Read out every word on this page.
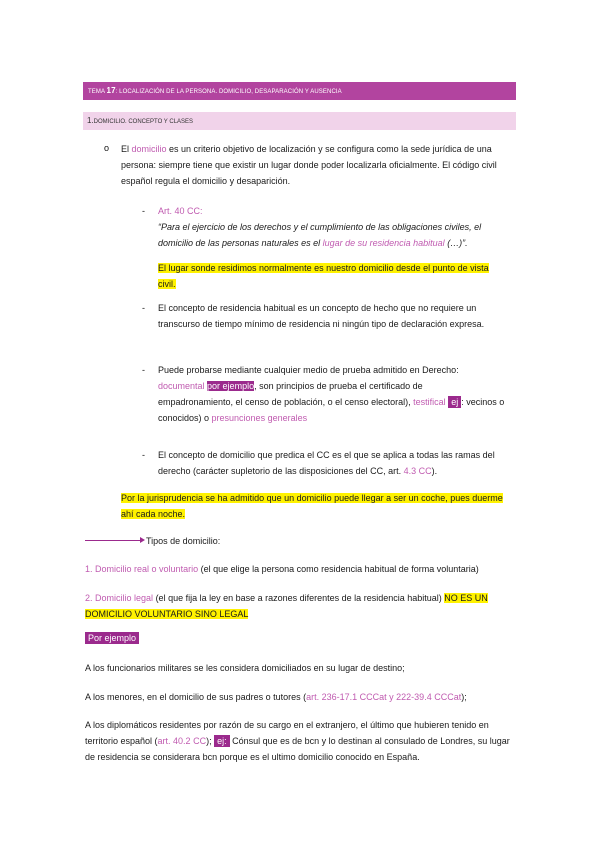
TEMA 17: LOCALIZACIÓN DE LA PERSONA. DOMICILIO, DESAPARACIÓN Y AUSENCIA
1.DOMICILIO. CONCEPTO Y CLASES
o El domicilio es un criterio objetivo de localización y se configura como la sede jurídica de una
persona: siempre tiene que existir un lugar donde poder localizarla oficialmente. El código civil
español regula el domicilio y desaparición.
- Art. 40 CC:
“Para el ejercicio de los derechos y el cumplimiento de las obligaciones civiles, el
domicilio de las personas naturales es el lugar de su residencia habitual (…)”.
El lugar sonde residimos normalmente es nuestro domicilio desde el punto de vista
civil.
- El concepto de residencia habitual es un concepto de hecho que no requiere un
transcurso de tiempo mínimo de residencia ni ningún tipo de declaración expresa.
- Puede probarse mediante cualquier medio de prueba admitido en Derecho:
documental por ejemplo, son principios de prueba el certificado de
empadronamiento, el censo de población, o el censo electoral), testifical ej : vecinos o
conocidos) o presunciones generales
- El concepto de domicilio que predica el CC es el que se aplica a todas las ramas del
derecho (carácter supletorio de las disposiciones del CC, art. 4.3 CC).
Por la jurisprudencia se ha admitido que un domicilio puede llegar a ser un coche, pues duerme
ahí cada noche.
Tipos de domicilio:
1. Domicilio real o voluntario (el que elige la persona como residencia habitual de forma voluntaria)
2. Domicilio legal (el que fija la ley en base a razones diferentes de la residencia habitual) NO ES UN
DOMICILIO VOLUNTARIO SINO LEGAL
Por ejemplo
A los funcionarios militares se les considera domiciliados en su lugar de destino;
A los menores, en el domicilio de sus padres o tutores (art. 236-17.1 CCCat y 222-39.4 CCCat);
A los diplomáticos residentes por razón de su cargo en el extranjero, el último que hubieren tenido en
territorio español (art. 40.2 CC); ej: Cónsul que es de bcn y lo destinan al consulado de Londres, su lugar
de residencia se considerara bcn porque es el ultimo domicilio conocido en España.
